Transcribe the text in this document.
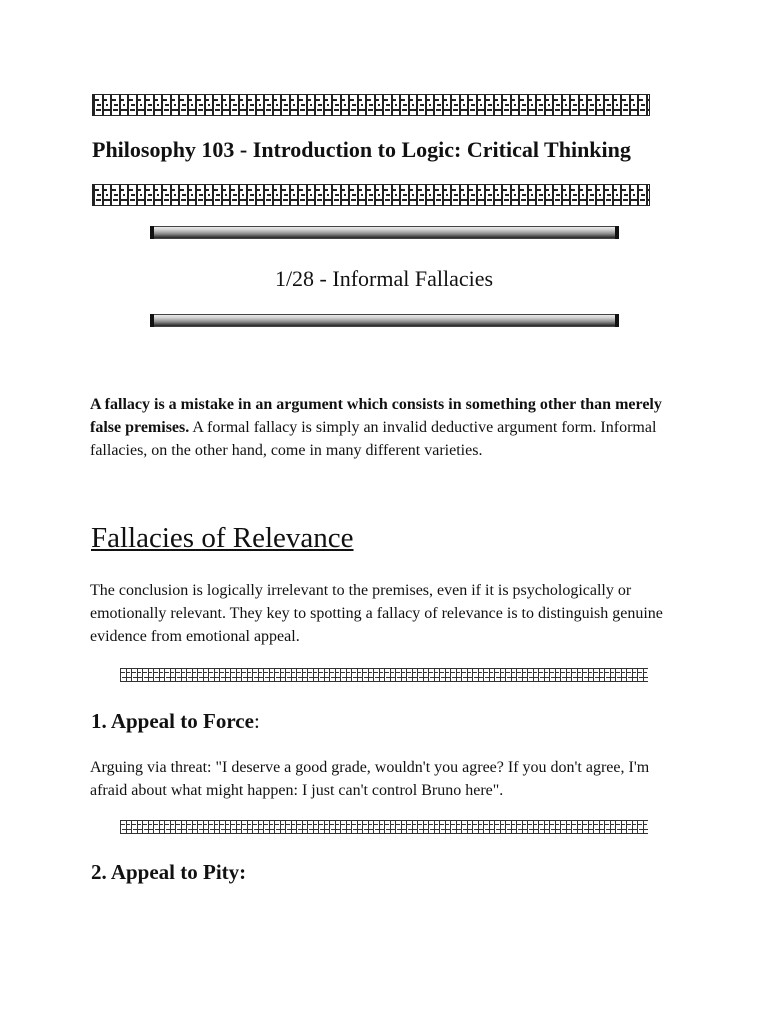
Philosophy 103 - Introduction to Logic: Critical Thinking
1/28 - Informal Fallacies
A fallacy is a mistake in an argument which consists in something other than merely false premises. A formal fallacy is simply an invalid deductive argument form. Informal fallacies, on the other hand, come in many different varieties.
Fallacies of Relevance
The conclusion is logically irrelevant to the premises, even if it is psychologically or emotionally relevant. They key to spotting a fallacy of relevance is to distinguish genuine evidence from emotional appeal.
1. Appeal to Force:
Arguing via threat: "I deserve a good grade, wouldn't you agree? If you don't agree, I'm afraid about what might happen: I just can't control Bruno here".
2. Appeal to Pity:
